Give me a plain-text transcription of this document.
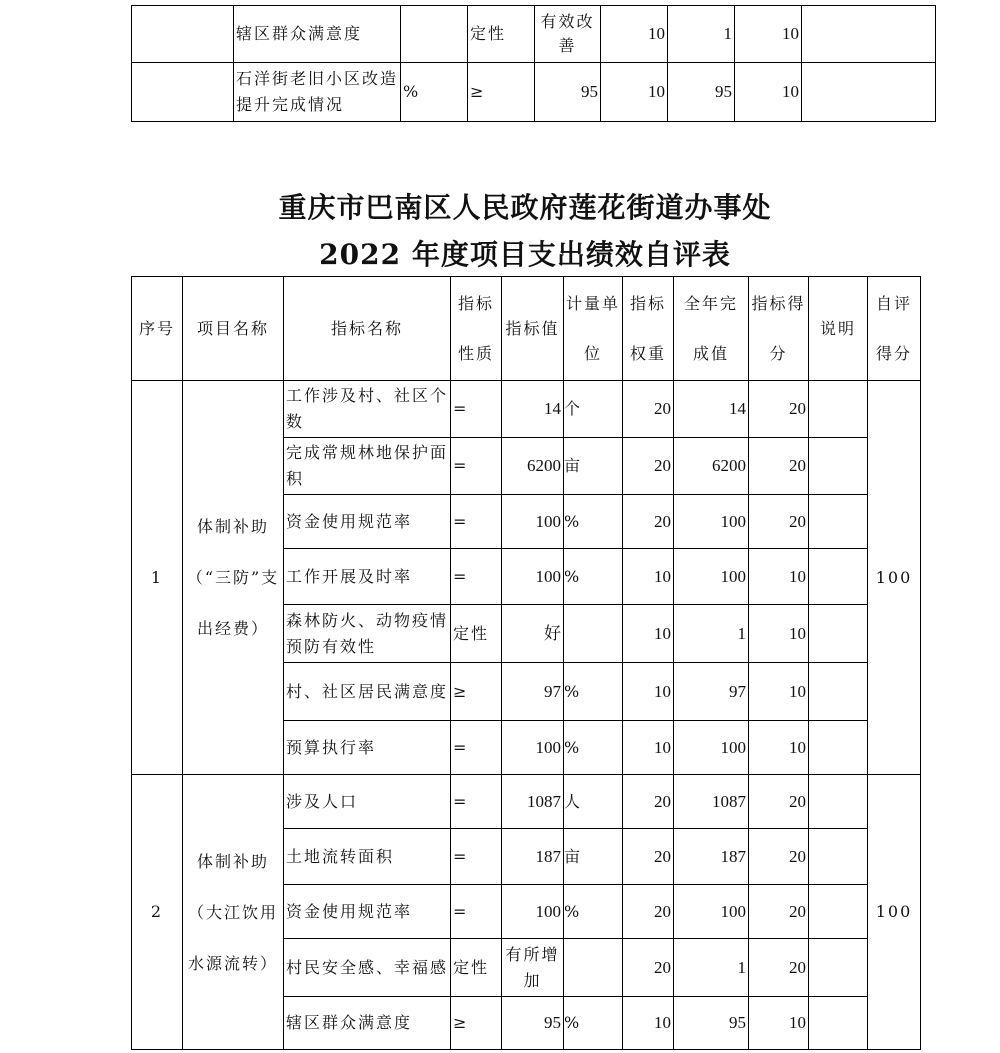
	辖区群众满意度		定性	有效改善	10	1	10	
	石洋街老旧小区改造提升完成情况	%	≥	95	10	95	10	
重庆市巴南区人民政府莲花街道办事处
2022 年度项目支出绩效自评表
序号	项目名称	指标名称	指标性质	指标值	计量单位	指标权重	全年完成值	指标得分	说明	自评得分
1	体制补助（“三防”支出经费）	工作涉及村、社区个数	=	14	个	20	14	20		100
		完成常规林地保护面积	=	6200	亩	20	6200	20		
		资金使用规范率	=	100	%	20	100	20		
		工作开展及时率	=	100	%	10	100	10		
		森林防火、动物疫情预防有效性	定性	好		10	1	10		
		村、社区居民满意度	≥	97	%	10	97	10		
		预算执行率	=	100	%	10	100	10		
2	体制补助（大江饮用水源流转）	涉及人口	=	1087	人	20	1087	20		100
		土地流转面积	=	187	亩	20	187	20		
		资金使用规范率	=	100	%	20	100	20		
		村民安全感、幸福感	定性	有所增加		20	1	20		
		辖区群众满意度	≥	95	%	10	95	10		
